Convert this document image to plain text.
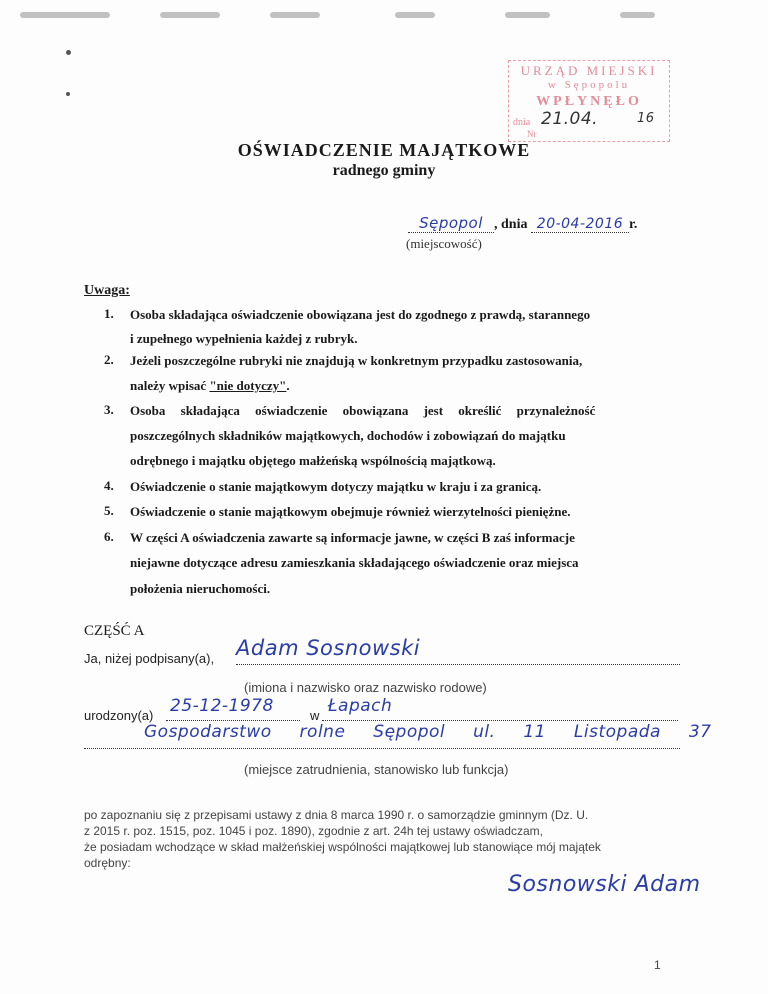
URZĄD MIEJSKI
w Sępopolu
WPŁYNĘŁO
dnia 21.04.	16
Nr
OŚWIADCZENIE MAJĄTKOWE
radnego gminy
Sępopol , dnia 20-04-2016 r.
(miejscowość)
Uwaga:
1. Osoba składająca oświadczenie obowiązana jest do zgodnego z prawdą, starannego
i zupełnego wypełnienia każdej z rubryk.
2. Jeżeli poszczególne rubryki nie znajdują w konkretnym przypadku zastosowania,
należy wpisać "nie dotyczy".
3. Osoba składająca oświadczenie obowiązana jest określić przynależność
poszczególnych składników majątkowych, dochodów i zobowiązań do majątku
odrębnego i majątku objętego małżeńską wspólnością majątkową.
4. Oświadczenie o stanie majątkowym dotyczy majątku w kraju i za granicą.
5. Oświadczenie o stanie majątkowym obejmuje również wierzytelności pieniężne.
6. W części A oświadczenia zawarte są informacje jawne, w części B zaś informacje
niejawne dotyczące adresu zamieszkania składającego oświadczenie oraz miejsca
położenia nieruchomości.
CZĘŚĆ A
Ja, niżej podpisany(a), Adam Sosnowski
(imiona i nazwisko oraz nazwisko rodowe)
urodzony(a) 25-12-1978	w Łapach
Gospodarstwo rolne Sępopol ul. 11 Listopada 37
(miejsce zatrudnienia, stanowisko lub funkcja)
po zapoznaniu się z przepisami ustawy z dnia 8 marca 1990 r. o samorządzie gminnym (Dz. U.
z 2015 r. poz. 1515, poz. 1045 i poz. 1890), zgodnie z art. 24h tej ustawy oświadczam,
że posiadam wchodzące w skład małżeńskiej wspólności majątkowej lub stanowiące mój majątek
odrębny:
Sosnowski Adam
1
